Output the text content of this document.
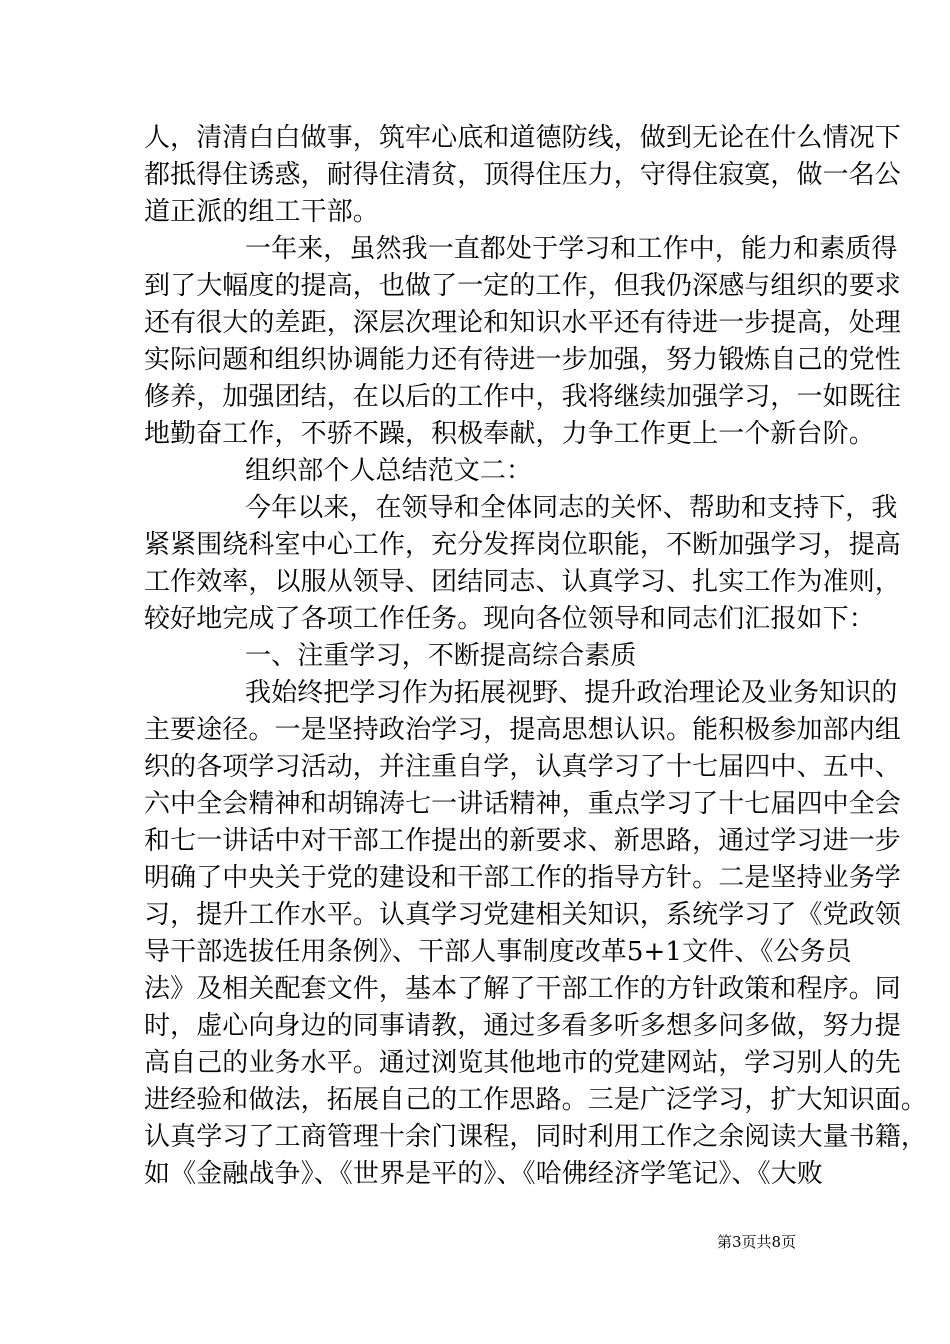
人，清清白白做事，筑牢心底和道德防线，做到无论在什么情况下
都抵得住诱惑，耐得住清贫，顶得住压力，守得住寂寞，做一名公
道正派的组工干部。
一年来，虽然我一直都处于学习和工作中，能力和素质得
到了大幅度的提高，也做了一定的工作，但我仍深感与组织的要求
还有很大的差距，深层次理论和知识水平还有待进一步提高，处理
实际问题和组织协调能力还有待进一步加强，努力锻炼自己的党性
修养，加强团结，在以后的工作中，我将继续加强学习，一如既往
地勤奋工作，不骄不躁，积极奉献，力争工作更上一个新台阶。
组织部个人总结范文二：
今年以来，在领导和全体同志的关怀、帮助和支持下，我
紧紧围绕科室中心工作，充分发挥岗位职能，不断加强学习，提高
工作效率，以服从领导、团结同志、认真学习、扎实工作为准则，
较好地完成了各项工作任务。现向各位领导和同志们汇报如下：
一、注重学习，不断提高综合素质
我始终把学习作为拓展视野、提升政治理论及业务知识的
主要途径。一是坚持政治学习，提高思想认识。能积极参加部内组
织的各项学习活动，并注重自学，认真学习了十七届四中、五中、
六中全会精神和胡锦涛七一讲话精神，重点学习了十七届四中全会
和七一讲话中对干部工作提出的新要求、新思路，通过学习进一步
明确了中央关于党的建设和干部工作的指导方针。二是坚持业务学
习，提升工作水平。认真学习党建相关知识，系统学习了《党政领
导干部选拔任用条例》、干部人事制度改革5+1文件、《公务员
法》及相关配套文件，基本了解了干部工作的方针政策和程序。同
时，虚心向身边的同事请教，通过多看多听多想多问多做，努力提
高自己的业务水平。通过浏览其他地市的党建网站，学习别人的先
进经验和做法，拓展自己的工作思路。三是广泛学习，扩大知识面。
认真学习了工商管理十余门课程，同时利用工作之余阅读大量书籍，
如《金融战争》、《世界是平的》、《哈佛经济学笔记》、《大败
第3页共8页
